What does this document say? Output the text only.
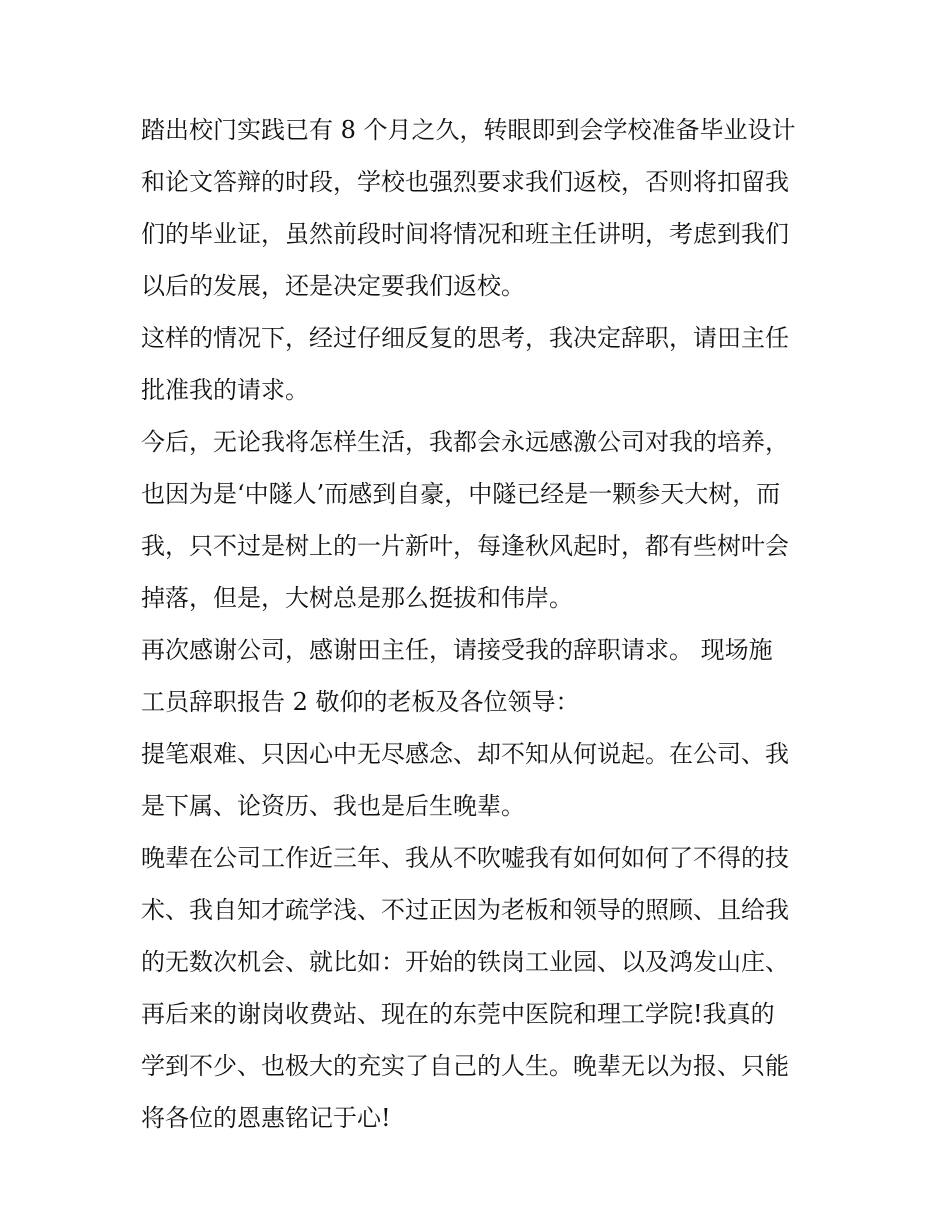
踏出校门实践已有 8 个月之久，转眼即到会学校准备毕业设计
和论文答辩的时段，学校也强烈要求我们返校，否则将扣留我
们的毕业证，虽然前段时间将情况和班主任讲明，考虑到我们
以后的发展，还是决定要我们返校。
这样的情况下，经过仔细反复的思考，我决定辞职，请田主任
批准我的请求。
今后，无论我将怎样生活，我都会永远感激公司对我的培养，
也因为是‘中隧人’而感到自豪，中隧已经是一颗参天大树，而
我，只不过是树上的一片新叶，每逢秋风起时，都有些树叶会
掉落，但是，大树总是那么挺拔和伟岸。
再次感谢公司，感谢田主任，请接受我的辞职请求。 现场施
工员辞职报告 2 敬仰的老板及各位领导：
提笔艰难、只因心中无尽感念、却不知从何说起。在公司、我
是下属、论资历、我也是后生晚辈。
晚辈在公司工作近三年、我从不吹嘘我有如何如何了不得的技
术、我自知才疏学浅、不过正因为老板和领导的照顾、且给我
的无数次机会、就比如：开始的铁岗工业园、以及鸿发山庄、
再后来的谢岗收费站、现在的东莞中医院和理工学院!我真的
学到不少、也极大的充实了自己的人生。晚辈无以为报、只能
将各位的恩惠铭记于心!
